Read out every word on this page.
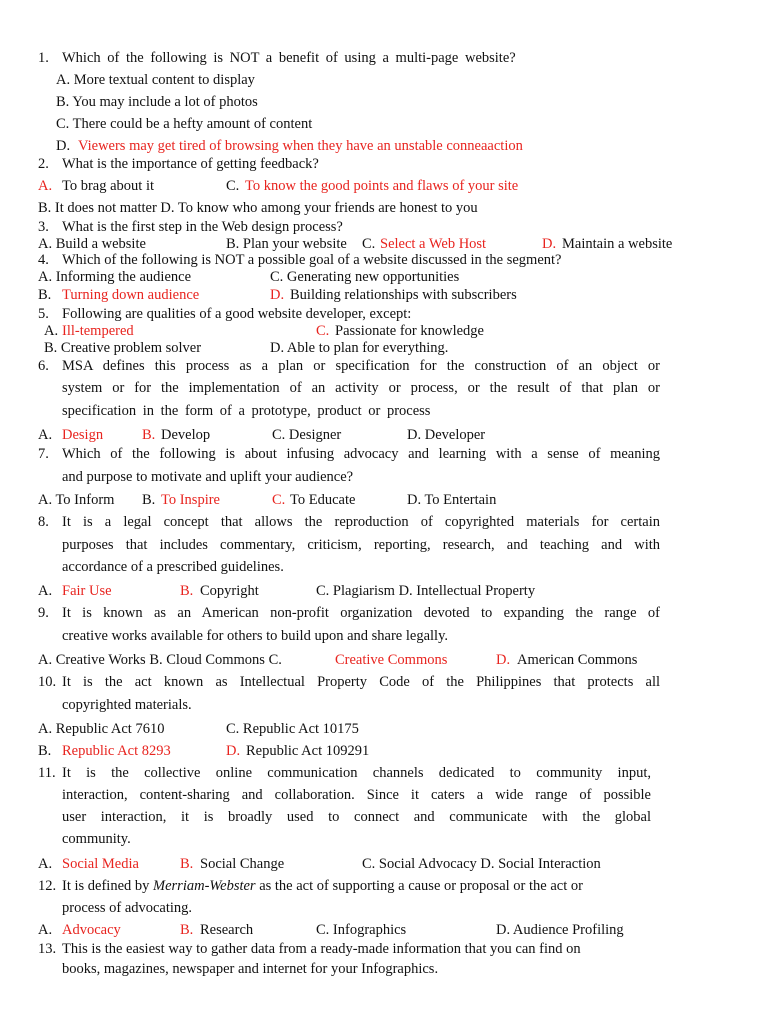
1. Which of the following is NOT a benefit of using a multi-page website?
A. More textual content to display
B. You may include a lot of photos
C. There could be a hefty amount of content
D. Viewers may get tired of browsing when they have an unstable conneaaction
2. What is the importance of getting feedback?
A. To brag about it	C. To know the good points and flaws of your site
B. It does not matter D. To know who among your friends are honest to you
3. What is the first step in the Web design process?
A. Build a website	B. Plan your website C. Select a Web Host	D. Maintain a website
4. Which of the following is NOT a possible goal of a website discussed in the segment?
A. Informing the audience	C. Generating new opportunities
B. Turning down audience	D. Building relationships with subscribers
5. Following are qualities of a good website developer, except:
A. Ill-tempered	C. Passionate for knowledge
B. Creative problem solver	D. Able to plan for everything.
6. MSA defines this process as a plan or specification for the construction of an object or
system or for the implementation of an activity or process, or the result of that plan or
specification in the form of a prototype, product or process
A. Design	B. Develop	C. Designer	D. Developer
7. Which of the following is about infusing advocacy and learning with a sense of meaning
and purpose to motivate and uplift your audience?
A. To Inform B. To Inspire	C. To Educate	D. To Entertain
8. It is a legal concept that allows the reproduction of copyrighted materials for certain
purposes that includes commentary, criticism, reporting, research, and teaching and with
accordance of a prescribed guidelines.
A. Fair Use	B. Copyright	C. Plagiarism D. Intellectual Property
9. It is known as an American non-profit organization devoted to expanding the range of
creative works available for others to build upon and share legally.
A. Creative Works B. Cloud Commons C.	Creative Commons	D. American Commons
10. It is the act known as Intellectual Property Code of the Philippines that protects all
copyrighted materials.
A. Republic Act 7610	C. Republic Act 10175
B. Republic Act 8293	D. Republic Act 109291
11. It is the collective online communication channels dedicated to community input,
interaction, content-sharing and collaboration. Since it caters a wide range of possible
user interaction, it is broadly used to connect and communicate with the global
community.
A. Social Media	B. Social Change	C. Social Advocacy D. Social Interaction
12. It is defined by Merriam-Webster as the act of supporting a cause or proposal or the act or
process of advocating.
A. Advocacy	B. Research	C. Infographics	D. Audience Profiling
13. This is the easiest way to gather data from a ready-made information that you can find on
books, magazines, newspaper and internet for your Infographics.
